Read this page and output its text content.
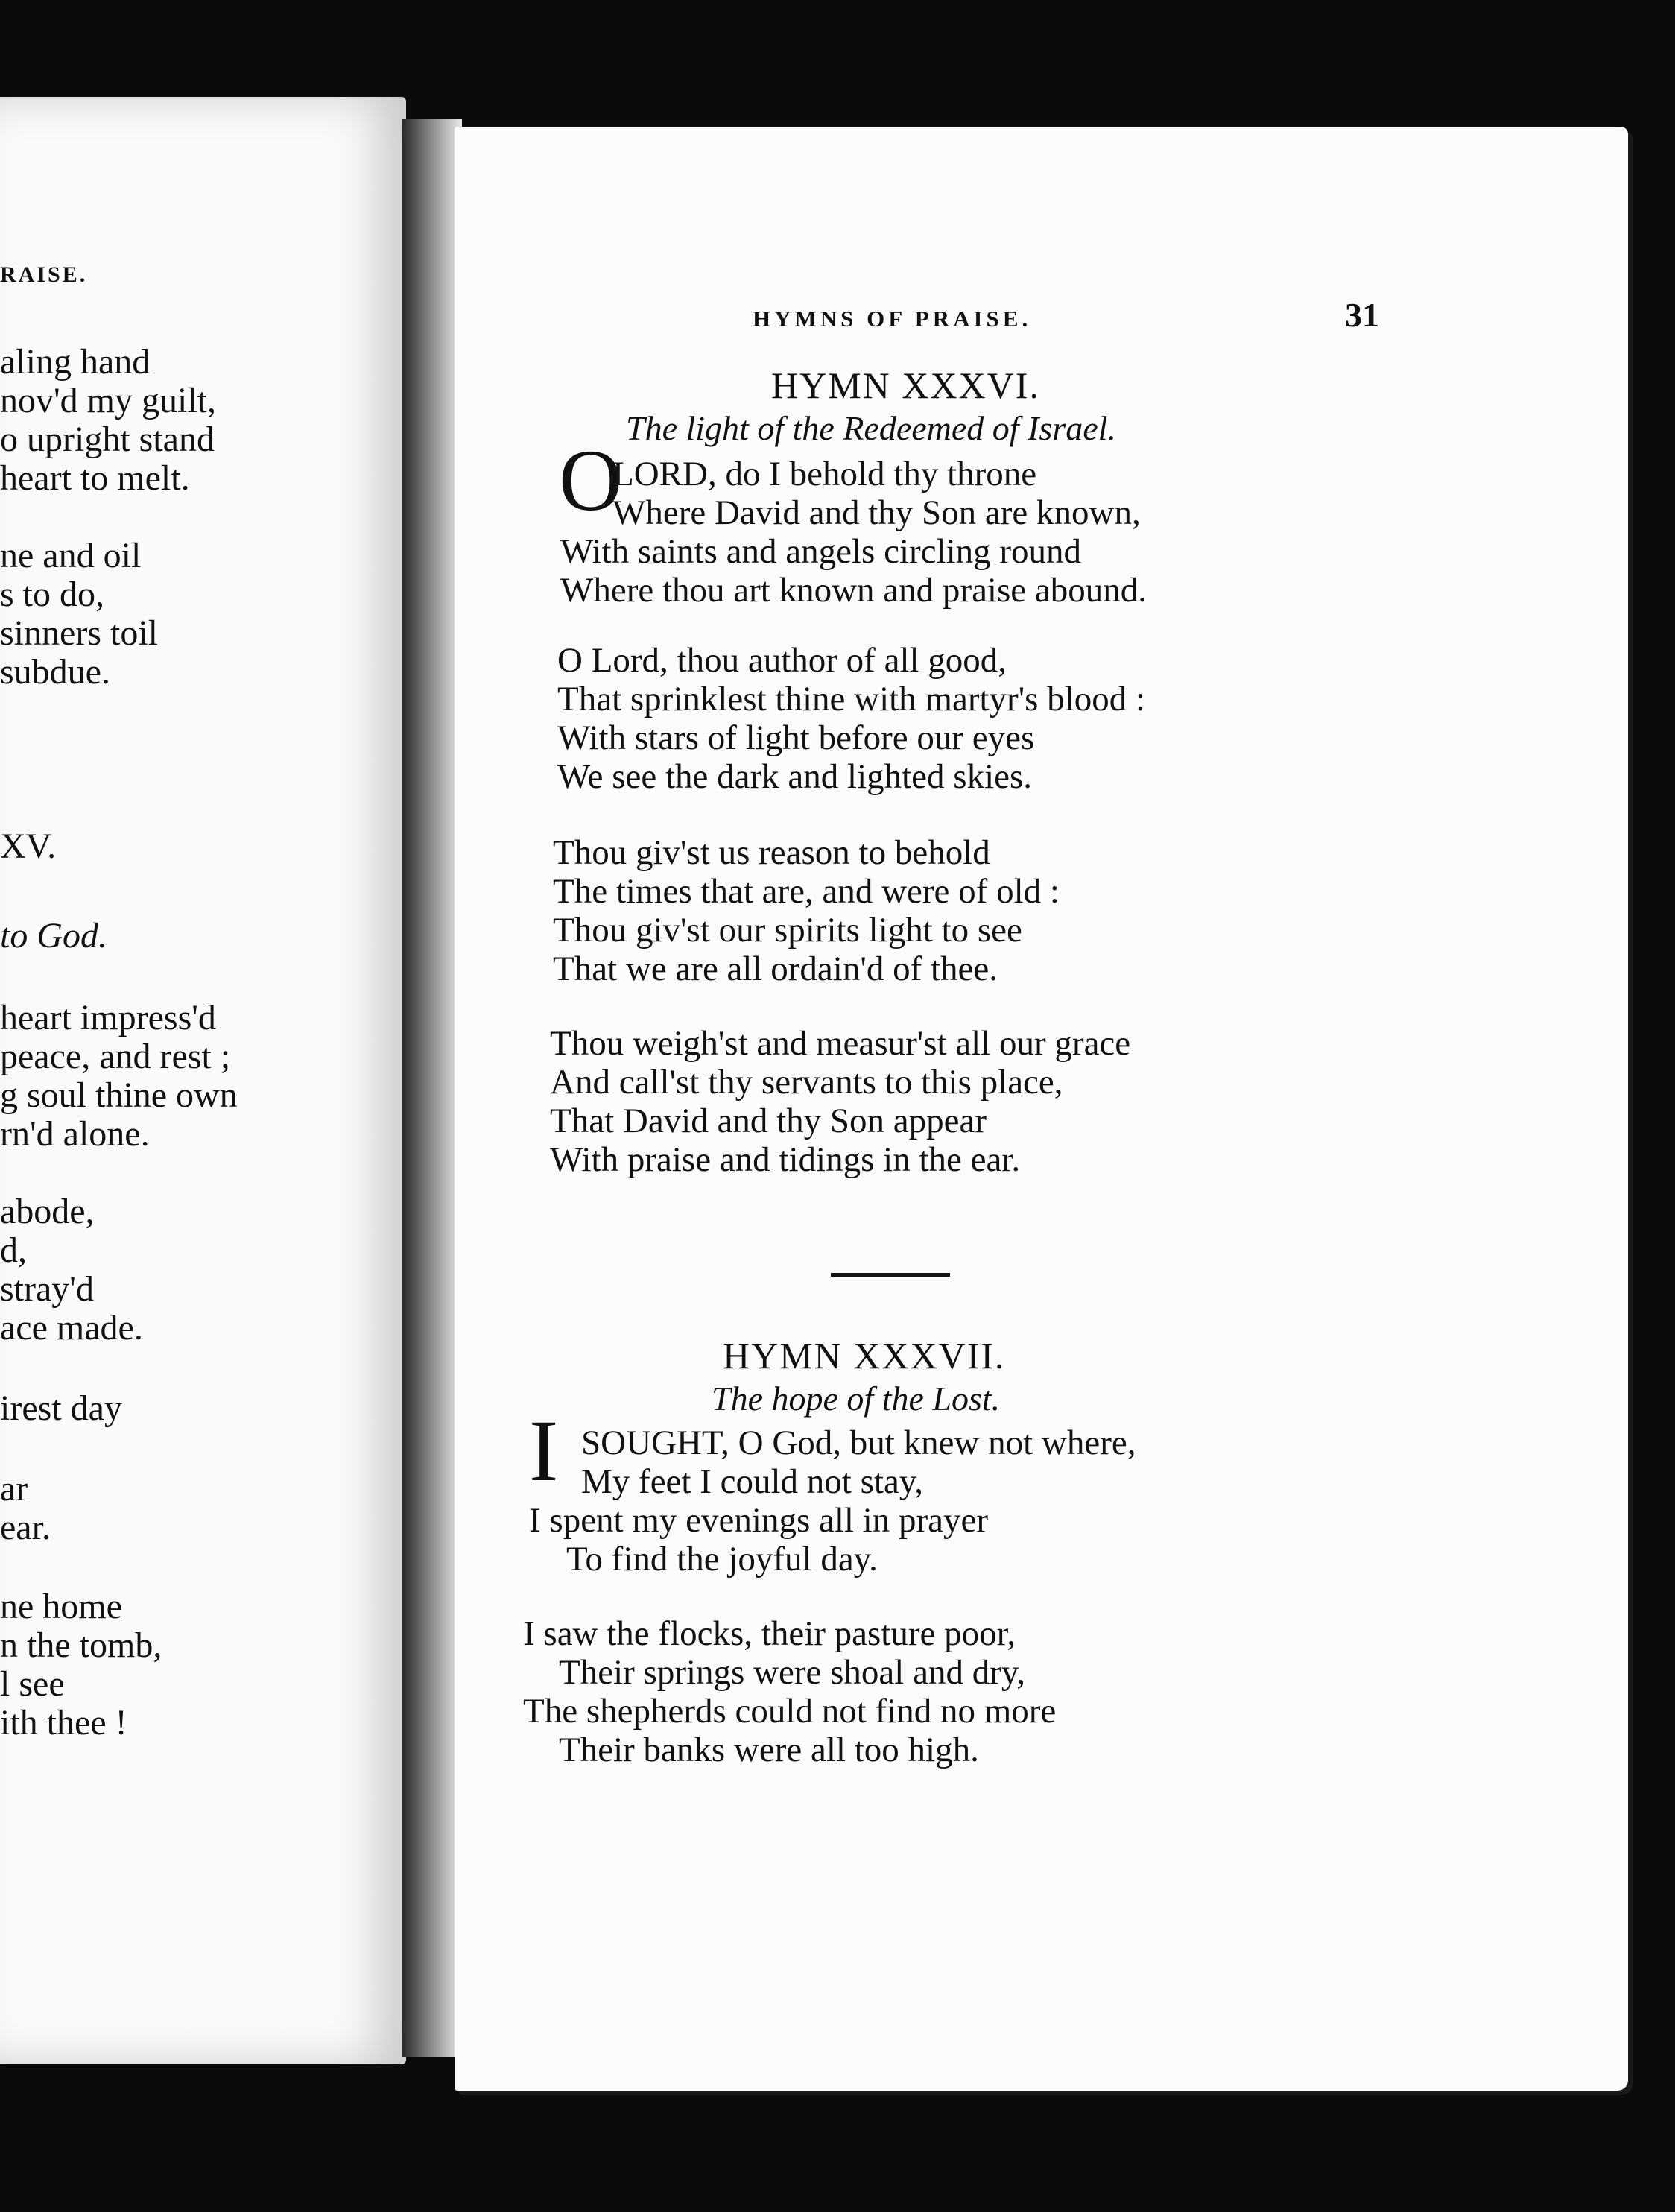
RAISE.
aling hand
nov'd my guilt,
o upright stand
heart to melt.
ne and oil
s to do,
sinners toil
subdue.
XV.
to God.
heart impress'd
peace, and rest ;
g soul thine own
rn'd alone.
abode,
d,
stray'd
ace made.
irest day
ar
ear.
ne home
n the tomb,
l see
ith thee !
HYMNS OF PRAISE.	31
HYMN XXXVI.
The light of the Redeemed of Israel.
O
LORD, do I behold thy throne
Where David and thy Son are known,
With saints and angels circling round
Where thou art known and praise abound.
O Lord, thou author of all good,
That sprinklest thine with martyr's blood :
With stars of light before our eyes
We see the dark and lighted skies.
Thou giv'st us reason to behold
The times that are, and were of old :
Thou giv'st our spirits light to see
That we are all ordain'd of thee.
Thou weigh'st and measur'st all our grace
And call'st thy servants to this place,
That David and thy Son appear
With praise and tidings in the ear.
HYMN XXXVII.
The hope of the Lost.
I SOUGHT, O God, but knew not where,
My feet I could not stay,
I spent my evenings all in prayer
To find the joyful day.
I saw the flocks, their pasture poor,
Their springs were shoal and dry,
The shepherds could not find no more
Their banks were all too high.
